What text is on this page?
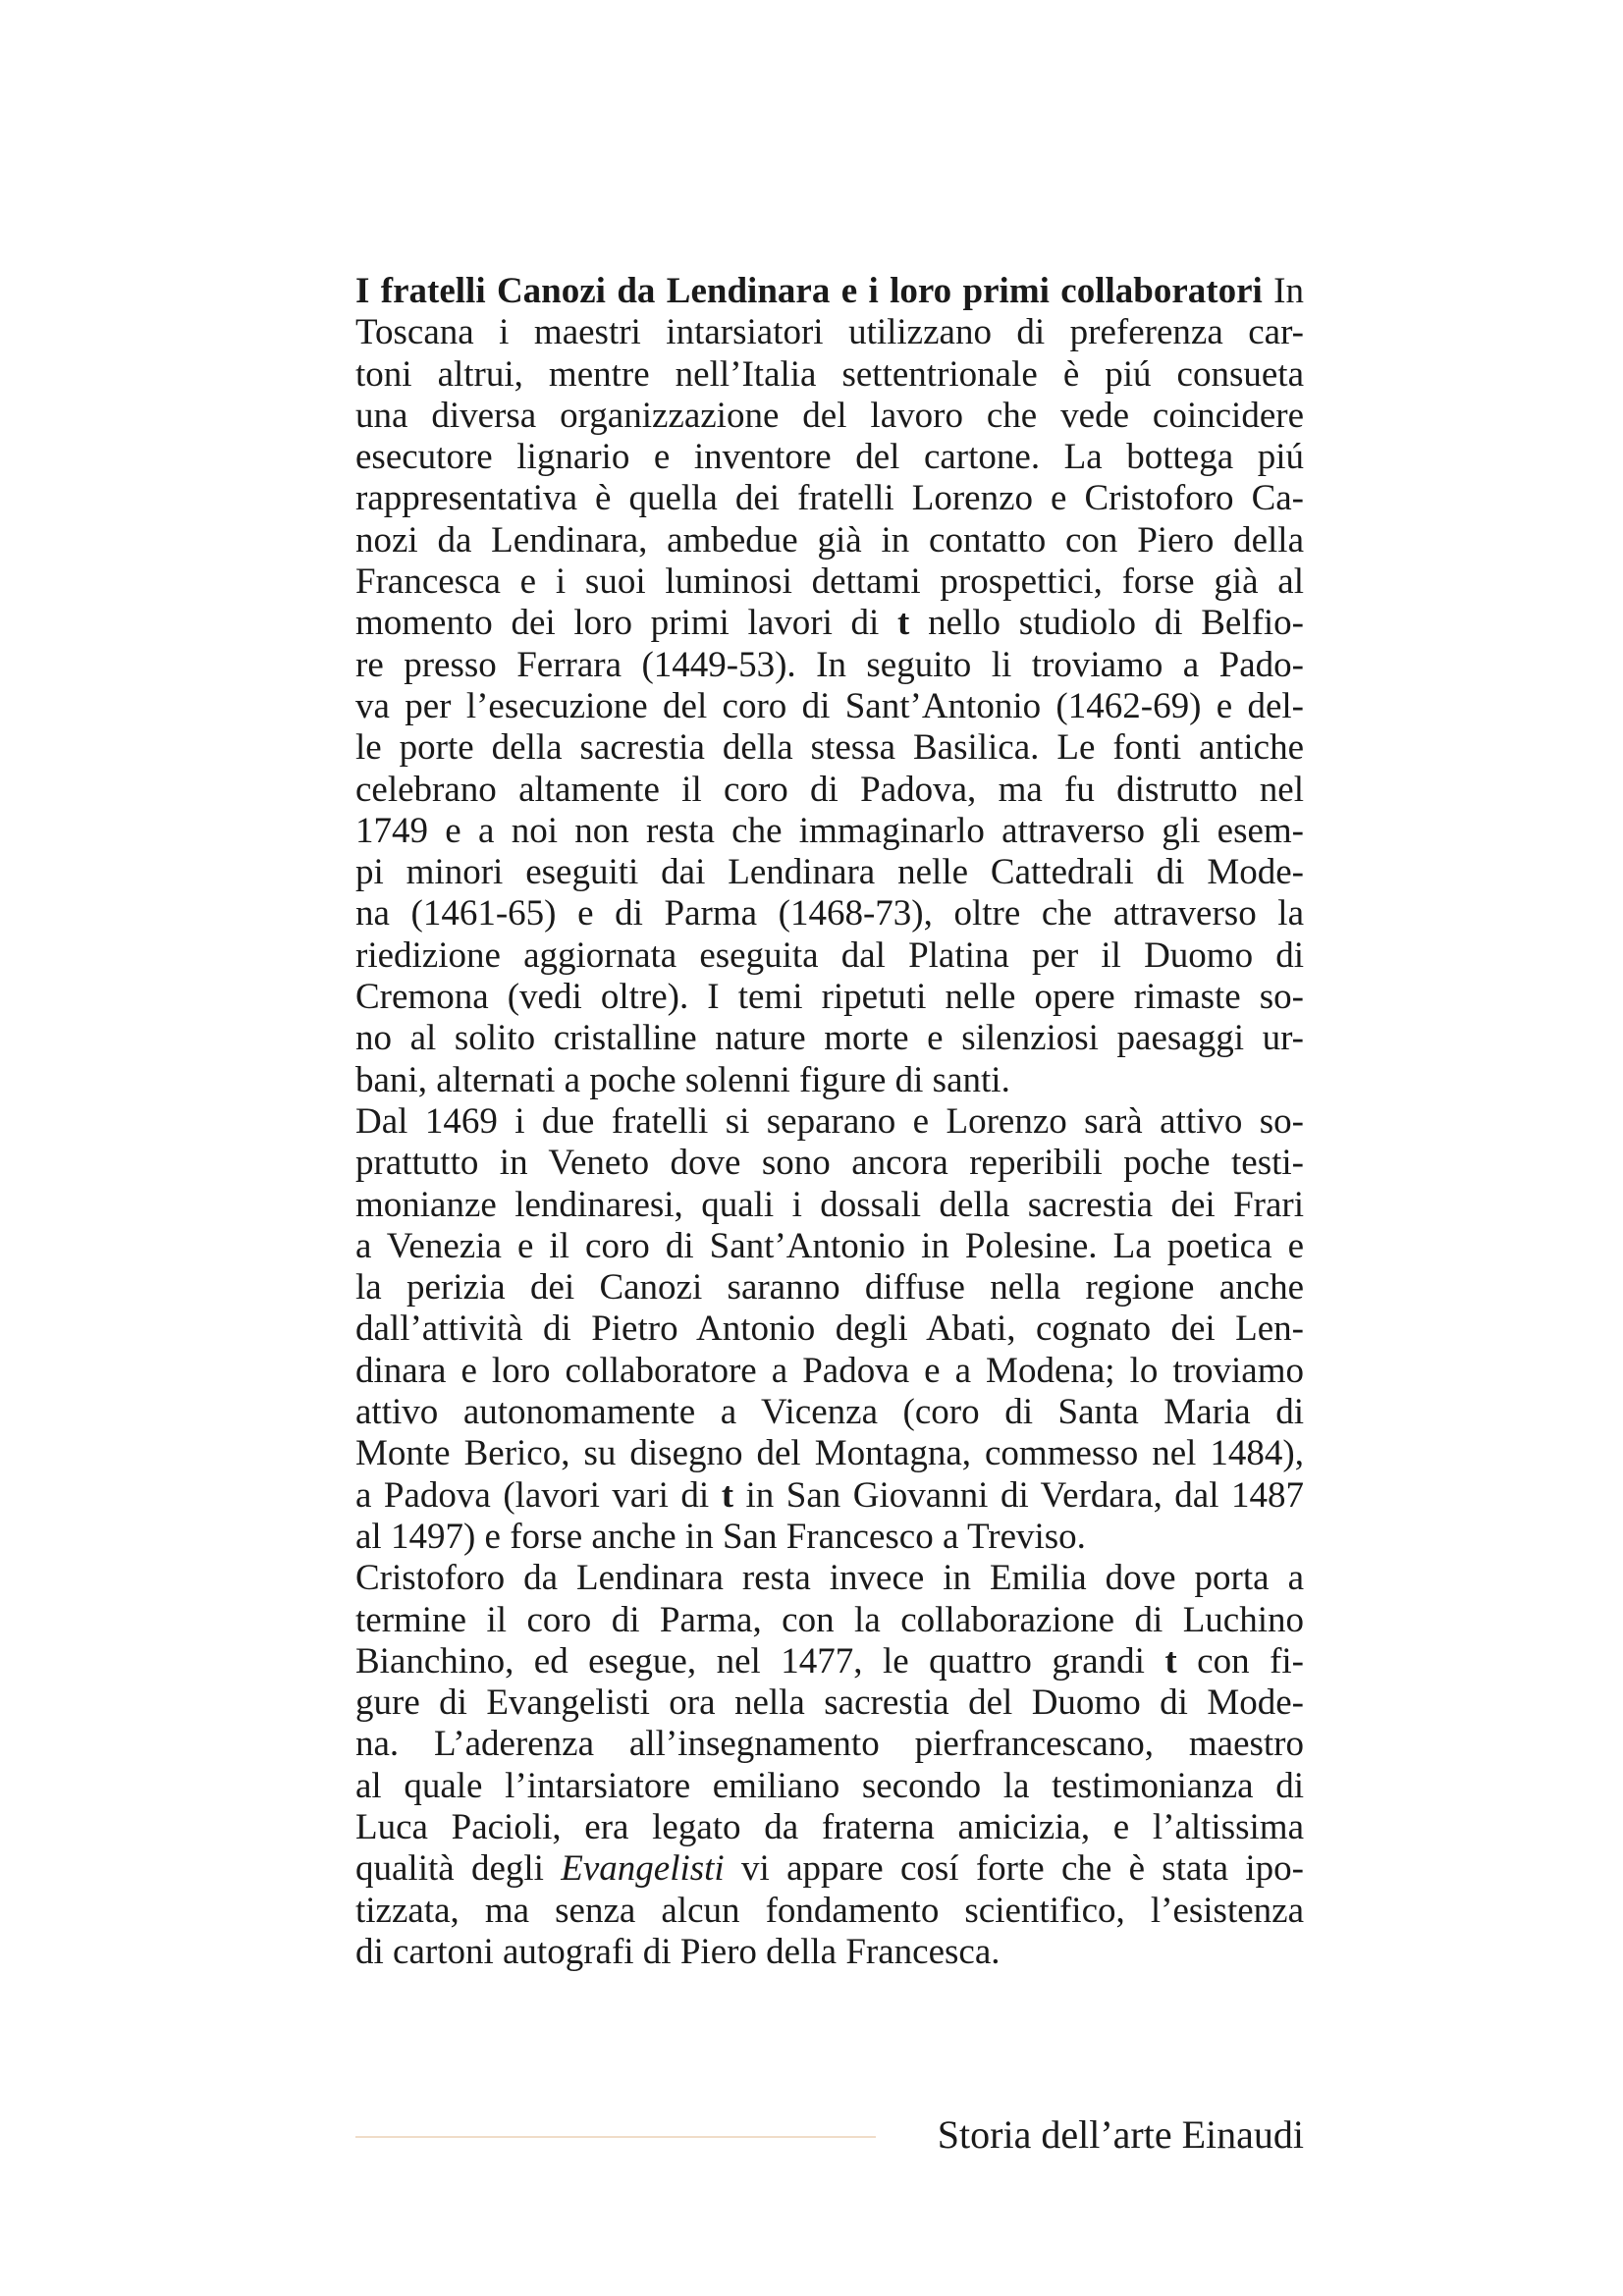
I fratelli Canozi da Lendinara e i loro primi collaboratori In
Toscana i maestri intarsiatori utilizzano di preferenza car-
toni altrui, mentre nell’Italia settentrionale è piú consueta
una diversa organizzazione del lavoro che vede coincidere
esecutore lignario e inventore del cartone. La bottega piú
rappresentativa è quella dei fratelli Lorenzo e Cristoforo Ca-
nozi da Lendinara, ambedue già in contatto con Piero della
Francesca e i suoi luminosi dettami prospettici, forse già al
momento dei loro primi lavori di t nello studiolo di Belfio-
re presso Ferrara (1449-53). In seguito li troviamo a Pado-
va per l’esecuzione del coro di Sant’Antonio (1462-69) e del-
le porte della sacrestia della stessa Basilica. Le fonti antiche
celebrano altamente il coro di Padova, ma fu distrutto nel
1749 e a noi non resta che immaginarlo attraverso gli esem-
pi minori eseguiti dai Lendinara nelle Cattedrali di Mode-
na (1461-65) e di Parma (1468-73), oltre che attraverso la
riedizione aggiornata eseguita dal Platina per il Duomo di
Cremona (vedi oltre). I temi ripetuti nelle opere rimaste so-
no al solito cristalline nature morte e silenziosi paesaggi ur-
bani, alternati a poche solenni figure di santi.
Dal 1469 i due fratelli si separano e Lorenzo sarà attivo so-
prattutto in Veneto dove sono ancora reperibili poche testi-
monianze lendinaresi, quali i dossali della sacrestia dei Frari
a Venezia e il coro di Sant’Antonio in Polesine. La poetica e
la perizia dei Canozi saranno diffuse nella regione anche
dall’attività di Pietro Antonio degli Abati, cognato dei Len-
dinara e loro collaboratore a Padova e a Modena; lo troviamo
attivo autonomamente a Vicenza (coro di Santa Maria di
Monte Berico, su disegno del Montagna, commesso nel 1484),
a Padova (lavori vari di t in San Giovanni di Verdara, dal 1487
al 1497) e forse anche in San Francesco a Treviso.
Cristoforo da Lendinara resta invece in Emilia dove porta a
termine il coro di Parma, con la collaborazione di Luchino
Bianchino, ed esegue, nel 1477, le quattro grandi t con fi-
gure di Evangelisti ora nella sacrestia del Duomo di Mode-
na. L’aderenza all’insegnamento pierfrancescano, maestro
al quale l’intarsiatore emiliano secondo la testimonianza di
Luca Pacioli, era legato da fraterna amicizia, e l’altissima
qualità degli Evangelisti vi appare cosí forte che è stata ipo-
tizzata, ma senza alcun fondamento scientifico, l’esistenza
di cartoni autografi di Piero della Francesca.
Storia dell’arte Einaudi
